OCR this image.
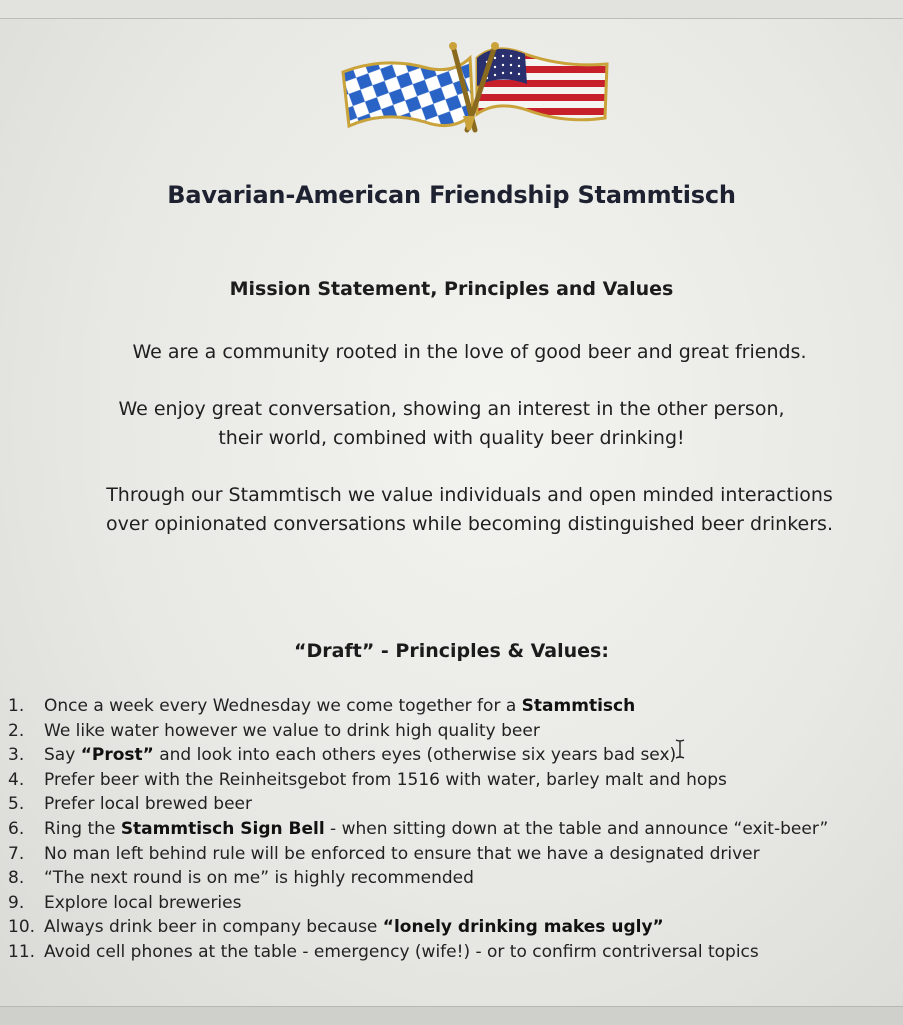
Bavarian-American Friendship Stammtisch
Mission Statement, Principles and Values
We are a community rooted in the love of good beer and great friends.
We enjoy great conversation, showing an interest in the other person,
their world, combined with quality beer drinking!
Through our Stammtisch we value individuals and open minded interactions
over opinionated conversations while becoming distinguished beer drinkers.
“Draft” - Principles & Values:
1.	Once a week every Wednesday we come together for a Stammtisch
2.	We like water however we value to drink high quality beer
3.	Say “Prost” and look into each others eyes (otherwise six years bad sex)
4.	Prefer beer with the Reinheitsgebot from 1516 with water, barley malt and hops
5.	Prefer local brewed beer
6.	Ring the Stammtisch Sign Bell - when sitting down at the table and announce “exit-beer”
7.	No man left behind rule will be enforced to ensure that we have a designated driver
8.	“The next round is on me” is highly recommended
9.	Explore local breweries
10. Always drink beer in company because “lonely drinking makes ugly”
11. Avoid cell phones at the table - emergency (wife!) - or to confirm contriversal topics
